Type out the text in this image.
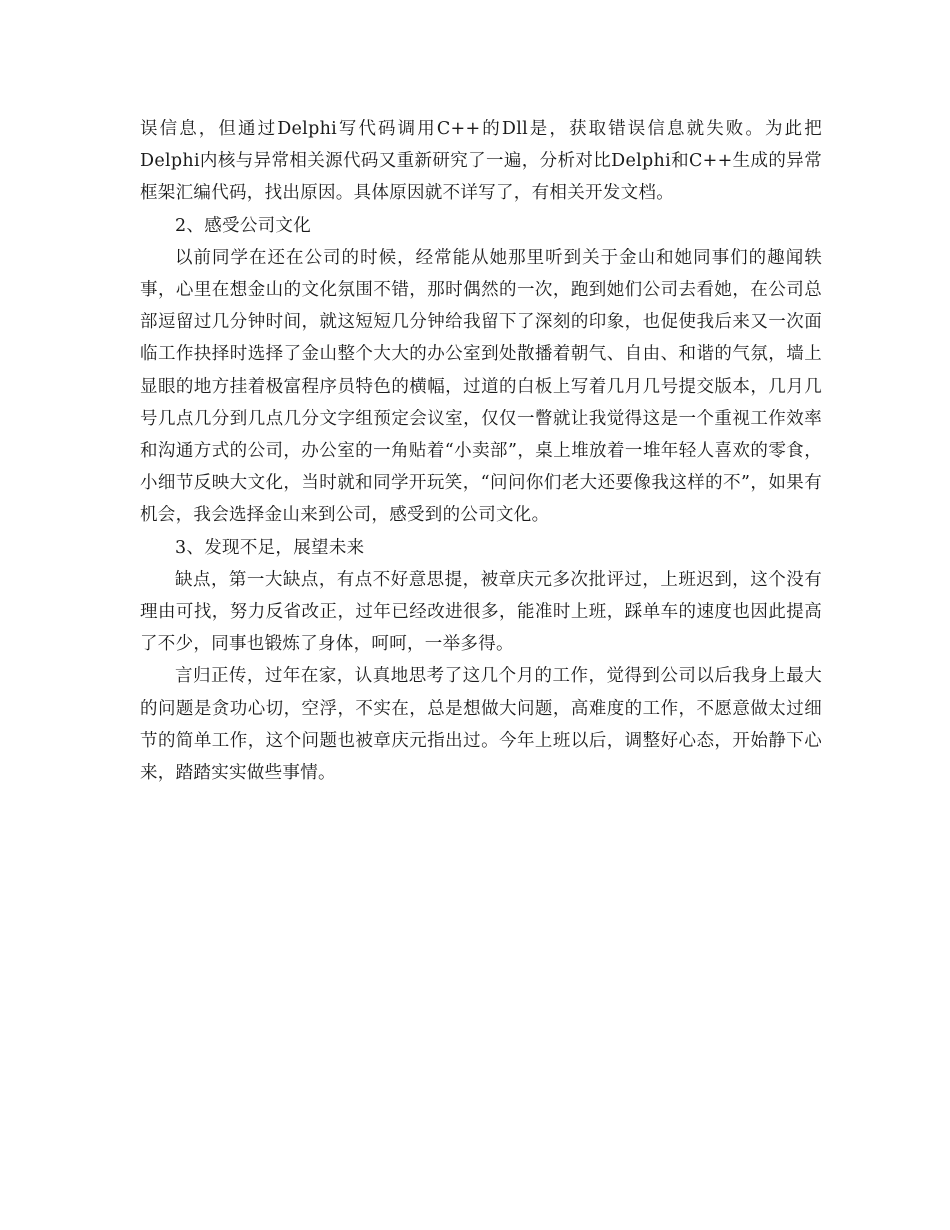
误信息，但通过Delphi写代码调用C++的Dll是，获取错误信息就失败。为此把Delphi内核与异常相关源代码又重新研究了一遍，分析对比Delphi和C++生成的异常框架汇编代码，找出原因。具体原因就不详写了，有相关开发文档。

2、感受公司文化

以前同学在还在公司的时候，经常能从她那里听到关于金山和她同事们的趣闻轶事，心里在想金山的文化氛围不错，那时偶然的一次，跑到她们公司去看她，在公司总部逗留过几分钟时间，就这短短几分钟给我留下了深刻的印象，也促使我后来又一次面临工作抉择时选择了金山整个大大的办公室到处散播着朝气、自由、和谐的气氛，墙上显眼的地方挂着极富程序员特色的横幅，过道的白板上写着几月几号提交版本，几月几号几点几分到几点几分文字组预定会议室，仅仅一瞥就让我觉得这是一个重视工作效率和沟通方式的公司，办公室的一角贴着“小卖部”，桌上堆放着一堆年轻人喜欢的零食，小细节反映大文化，当时就和同学开玩笑，“问问你们老大还要像我这样的不”，如果有机会，我会选择金山来到公司，感受到的公司文化。

3、发现不足，展望未来

缺点，第一大缺点，有点不好意思提，被章庆元多次批评过，上班迟到，这个没有理由可找，努力反省改正，过年已经改进很多，能准时上班，踩单车的速度也因此提高了不少，同事也锻炼了身体，呵呵，一举多得。

言归正传，过年在家，认真地思考了这几个月的工作，觉得到公司以后我身上最大的问题是贪功心切，空浮，不实在，总是想做大问题，高难度的工作，不愿意做太过细节的简单工作，这个问题也被章庆元指出过。今年上班以后，调整好心态，开始静下心来，踏踏实实做些事情。
